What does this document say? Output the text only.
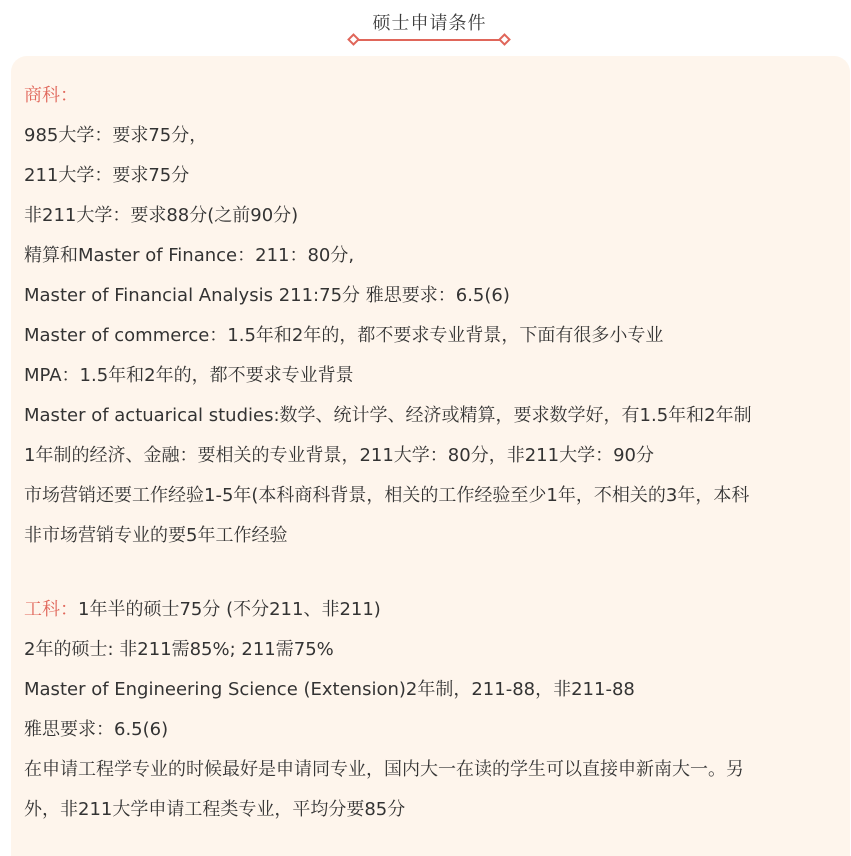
硕士申请条件
商科：
985大学：要求75分，
211大学：要求75分
非211大学：要求88分(之前90分)
精算和Master of Finance：211：80分,
Master of Financial Analysis 211:75分 雅思要求：6.5(6)
Master of commerce：1.5年和2年的，都不要求专业背景，下面有很多小专业
MPA：1.5年和2年的，都不要求专业背景
Master of actuarical studies:数学、统计学、经济或精算，要求数学好，有1.5年和2年制
1年制的经济、金融：要相关的专业背景，211大学：80分，非211大学：90分
市场营销还要工作经验1-5年(本科商科背景，相关的工作经验至少1年，不相关的3年，本科
非市场营销专业的要5年工作经验
工科：1年半的硕士75分 (不分211、非211)
2年的硕士: 非211需85%; 211需75%
Master of Engineering Science (Extension)2年制，211-88，非211-88
雅思要求：6.5(6)
在申请工程学专业的时候最好是申请同专业，国内大一在读的学生可以直接申新南大一。另
外，非211大学申请工程类专业，平均分要85分
